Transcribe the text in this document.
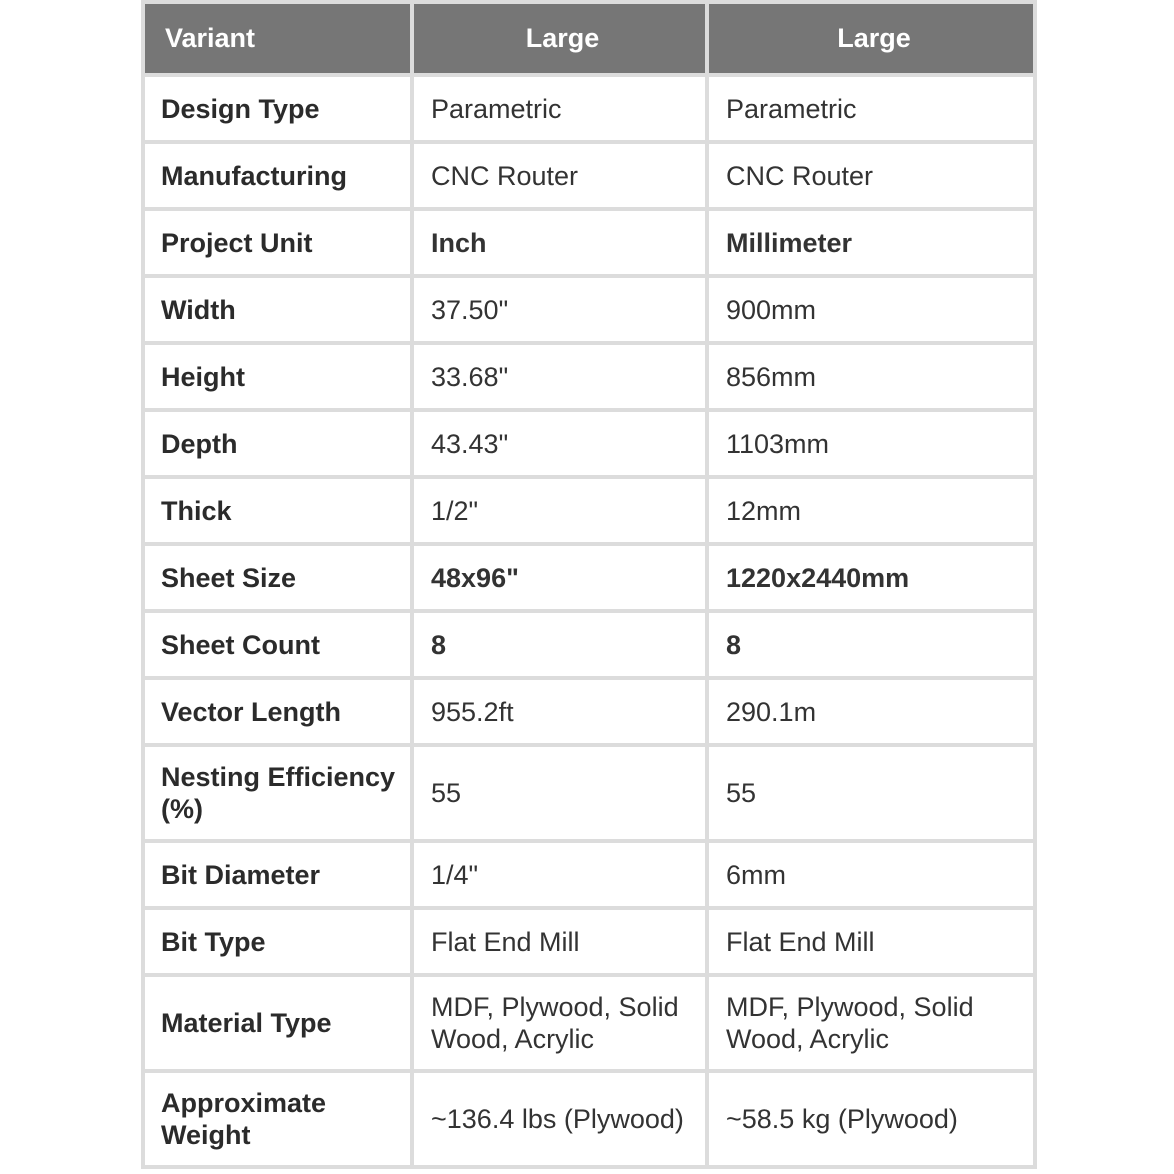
Variant	Large	Large
Design Type	Parametric	Parametric
Manufacturing	CNC Router	CNC Router
Project Unit	Inch	Millimeter
Width	37.50"	900mm
Height	33.68"	856mm
Depth	43.43"	1103mm
Thick	1/2"	12mm
Sheet Size	48x96"	1220x2440mm
Sheet Count	8	8
Vector Length	955.2ft	290.1m
Nesting Efficiency (%)	55	55
Bit Diameter	1/4"	6mm
Bit Type	Flat End Mill	Flat End Mill
Material Type	MDF, Plywood, Solid Wood, Acrylic	MDF, Plywood, Solid Wood, Acrylic
Approximate Weight	~136.4 lbs (Plywood)	~58.5 kg (Plywood)
